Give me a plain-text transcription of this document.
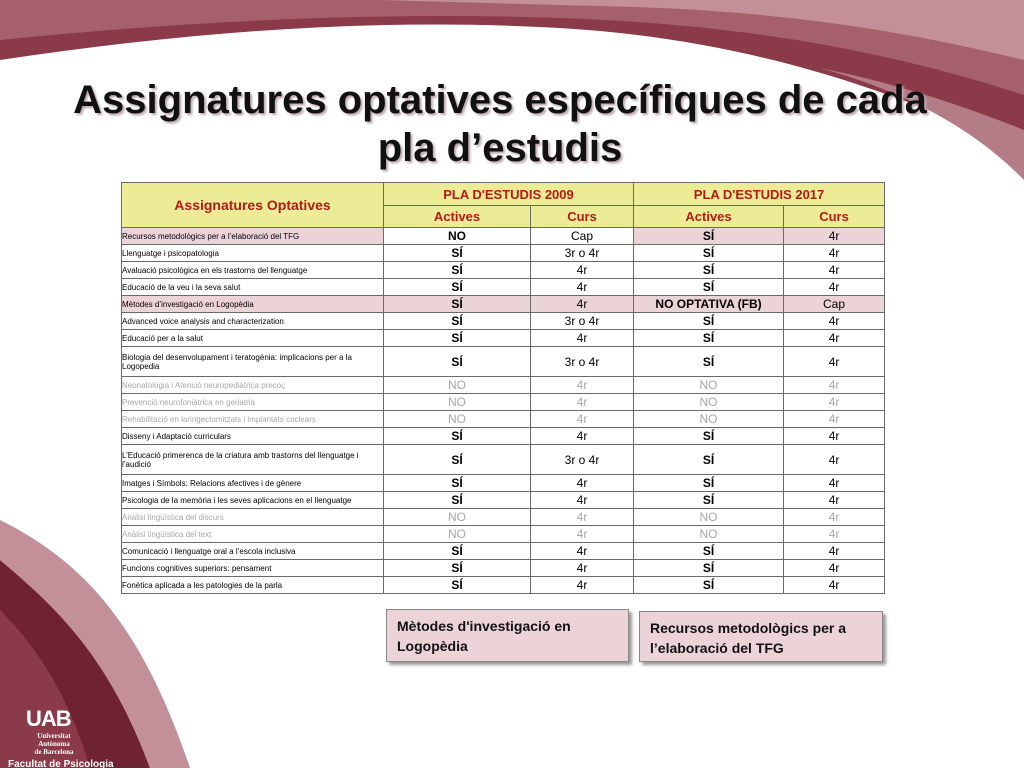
Assignatures optatives específiques de cada
pla d’estudis
Assignatures Optatives	PLA D'ESTUDIS 2009		PLA D'ESTUDIS 2017	
	Actives	Curs	Actives	Curs
Recursos metodològics per a l’elaboració del TFG	NO	Cap	SÍ	4r
Llenguatge i psicopatologia	SÍ	3r o 4r	SÍ	4r
Avaluació psicològica en els trastorns del llenguatge	SÍ	4r	SÍ	4r
Educació de la veu i la seva salut	SÍ	4r	SÍ	4r
Mètodes d’investigació en Logopèdia	SÍ	4r	NO OPTATIVA (FB)	Cap
Advanced voice analysis and characterization	SÍ	3r o 4r	SÍ	4r
Educació per a la salut	SÍ	4r	SÍ	4r
Biologia del desenvolupament i teratogènia: implicacions per a la Logopedia	SÍ	3r o 4r	SÍ	4r
Neonatologia i Atenció neuropediàtrica precoç	NO	4r	NO	4r
Prevenció neurofoniàtrica en geriatria	NO	4r	NO	4r
Rehabilitació en laringectomitzats i implantats coclears	NO	4r	NO	4r
Disseny i Adaptació curriculars	SÍ	4r	SÍ	4r
L’Educació primerenca de la criatura amb trastorns del llenguatge i l’audició	SÍ	3r o 4r	SÍ	4r
Imatges i Símbols: Relacions afectives i de gènere	SÍ	4r	SÍ	4r
Psicologia de la memòria i les seves aplicacions en el llenguatge	SÍ	4r	SÍ	4r
Anàlisi lingüística del discurs	NO	4r	NO	4r
Anàlisi lingüística del text	NO	4r	NO	4r
Comunicació i llenguatge oral a l’escola inclusiva	SÍ	4r	SÍ	4r
Funcions cognitives superiors: pensament	SÍ	4r	SÍ	4r
Fonètica aplicada a les patologies de la parla	SÍ	4r	SÍ	4r
Mètodes d'investigació en Logopèdia
Recursos metodològics per a l’elaboració del TFG
UAB
Universitat Autònoma
de Barcelona
Facultat de Psicologia
